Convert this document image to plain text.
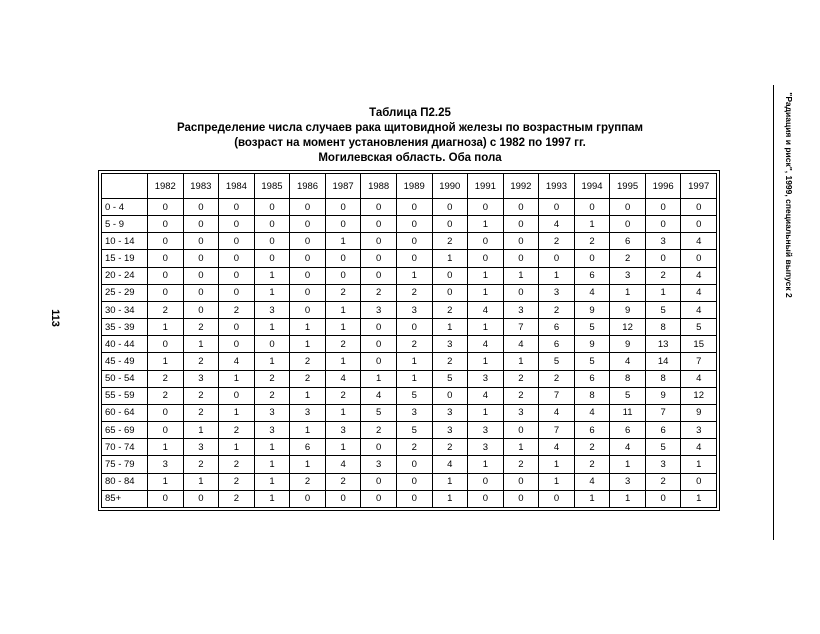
113
Таблица П2.25
Распределение числа случаев рака щитовидной железы по возрастным группам
(возраст на момент установления диагноза) с 1982 по 1997 гг.
Могилевская область. Оба пола
	1982	1983	1984	1985	1986	1987	1988	1989	1990	1991	1992	1993	1994	1995	1996	1997
0 - 4	0	0	0	0	0	0	0	0	0	0	0	0	0	0	0	0
5 - 9	0	0	0	0	0	0	0	0	0	1	0	4	1	0	0	0
10 - 14	0	0	0	0	0	1	0	0	2	0	0	2	2	6	3	4
15 - 19	0	0	0	0	0	0	0	0	1	0	0	0	0	2	0	0
20 - 24	0	0	0	1	0	0	0	1	0	1	1	1	6	3	2	4
25 - 29	0	0	0	1	0	2	2	2	0	1	0	3	4	1	1	4
30 - 34	2	0	2	3	0	1	3	3	2	4	3	2	9	9	5	4
35 - 39	1	2	0	1	1	1	0	0	1	1	7	6	5	12	8	5
40 - 44	0	1	0	0	1	2	0	2	3	4	4	6	9	9	13	15
45 - 49	1	2	4	1	2	1	0	1	2	1	1	5	5	4	14	7
50 - 54	2	3	1	2	2	4	1	1	5	3	2	2	6	8	8	4
55 - 59	2	2	0	2	1	2	4	5	0	4	2	7	8	5	9	12
60 - 64	0	2	1	3	3	1	5	3	3	1	3	4	4	11	7	9
65 - 69	0	1	2	3	1	3	2	5	3	3	0	7	6	6	6	3
70 - 74	1	3	1	1	6	1	0	2	2	3	1	4	2	4	5	4
75 - 79	3	2	2	1	1	4	3	0	4	1	2	1	2	1	3	1
80 - 84	1	1	2	1	2	2	0	0	1	0	0	1	4	3	2	0
85+	0	0	2	1	0	0	0	0	1	0	0	0	1	1	0	1
"Радиация и риск", 1999, специальный выпуск 2
